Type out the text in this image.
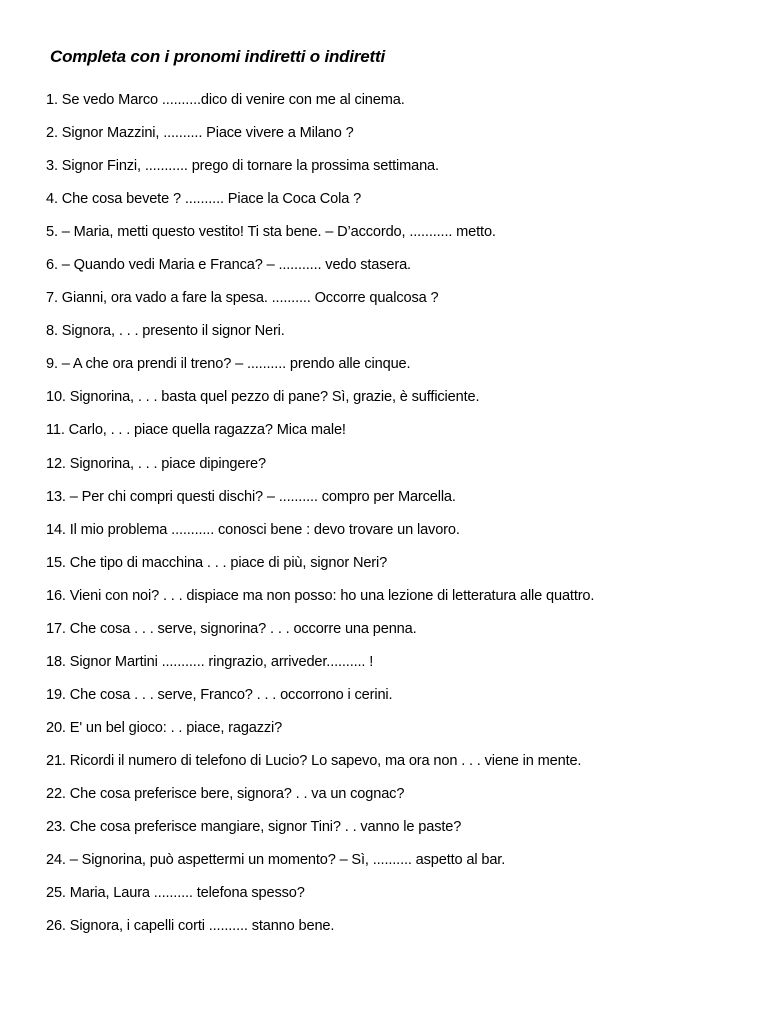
Completa con i pronomi indiretti o indiretti
1. Se vedo Marco ..........dico di venire con me al cinema.
2. Signor Mazzini, .......... Piace vivere a Milano ?
3. Signor Finzi, ........... prego di tornare la prossima settimana.
4. Che cosa bevete ? .......... Piace la Coca Cola ?
5. – Maria, metti questo vestito! Ti sta bene. – D’accordo, ........... metto.
6. – Quando vedi Maria e Franca? – ........... vedo stasera.
7. Gianni, ora vado a fare la spesa. .......... Occorre qualcosa ?
8. Signora, . . . presento il signor Neri.
9. – A che ora prendi il treno? – .......... prendo alle cinque.
10. Signorina, . . . basta quel pezzo di pane? Sì, grazie, è sufficiente.
11. Carlo, . . . piace quella ragazza? Mica male!
12. Signorina, . . . piace dipingere?
13. – Per chi compri questi dischi? – .......... compro per Marcella.
14. Il mio problema ........... conosci bene : devo trovare un lavoro.
15. Che tipo di macchina . . . piace di più, signor Neri?
16. Vieni con noi? . . . dispiace ma non posso: ho una lezione di letteratura alle quattro.
17. Che cosa . . . serve, signorina? . . . occorre una penna.
18. Signor Martini ........... ringrazio, arriveder.......... !
19. Che cosa . . . serve, Franco? . . . occorrono i cerini.
20. E' un bel gioco: . . piace, ragazzi?
21. Ricordi il numero di telefono di Lucio? Lo sapevo, ma ora non . . . viene in mente.
22. Che cosa preferisce bere, signora? . . va un cognac?
23. Che cosa preferisce mangiare, signor Tini? . . vanno le paste?
24. – Signorina, può aspettermi un momento? – Sì, .......... aspetto al bar.
25. Maria, Laura .......... telefona spesso?
26. Signora, i capelli corti .......... stanno bene.
